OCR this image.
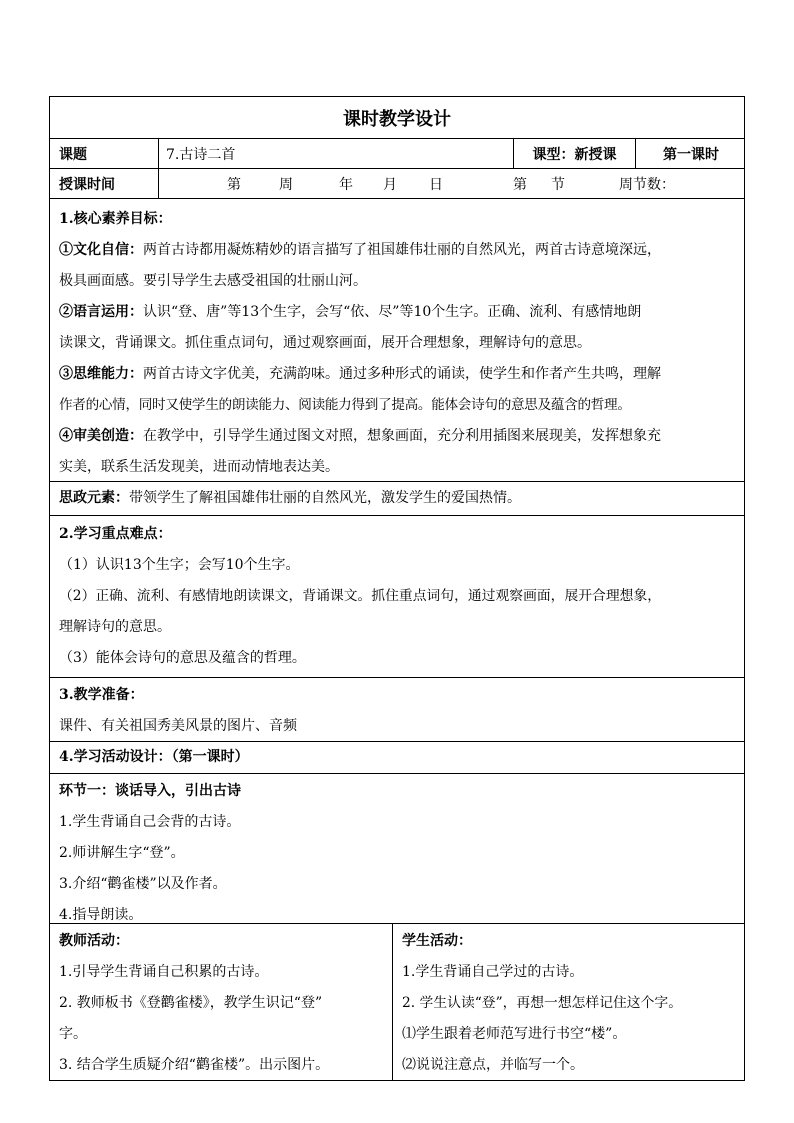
课时教学设计
课题	7.古诗二首	课型：新授课	第一课时
授课时间	第	周	年 月 日	第 节	周节数：
1.核心素养目标：
①文化自信：两首古诗都用凝炼精妙的语言描写了祖国雄伟壮丽的自然风光，两首古诗意境深远，
极具画面感。要引导学生去感受祖国的壮丽山河。
②语言运用：认识“登、唐”等13个生字，会写“依、尽”等10个生字。正确、流利、有感情地朗
读课文，背诵课文。抓住重点词句，通过观察画面，展开合理想象，理解诗句的意思。
③思维能力：两首古诗文字优美，充满韵味。通过多种形式的诵读，使学生和作者产生共鸣，理解
作者的心情，同时又使学生的朗读能力、阅读能力得到了提高。能体会诗句的意思及蕴含的哲理。
④审美创造：在教学中，引导学生通过图文对照，想象画面，充分利用插图来展现美，发挥想象充
实美，联系生活发现美，进而动情地表达美。
思政元素：带领学生了解祖国雄伟壮丽的自然风光，激发学生的爱国热情。
2.学习重点难点：
（1）认识13个生字；会写10个生字。
（2）正确、流利、有感情地朗读课文，背诵课文。抓住重点词句，通过观察画面，展开合理想象，
理解诗句的意思。
（3）能体会诗句的意思及蕴含的哲理。
3.教学准备：
课件、有关祖国秀美风景的图片、音频
4.学习活动设计：（第一课时）
环节一：谈话导入，引出古诗
1.学生背诵自己会背的古诗。
2.师讲解生字“登”。
3.介绍“鹳雀楼”以及作者。
4.指导朗读。
教师活动：
1.引导学生背诵自己积累的古诗。
2. 教师板书《登鹳雀楼》，教学生识记“登”
字。
3. 结合学生质疑介绍“鹳雀楼”。出示图片。
学生活动：
1.学生背诵自己学过的古诗。
2. 学生认读“登”，再想一想怎样记住这个字。
⑴学生跟着老师范写进行书空“楼”。
⑵说说注意点，并临写一个。
